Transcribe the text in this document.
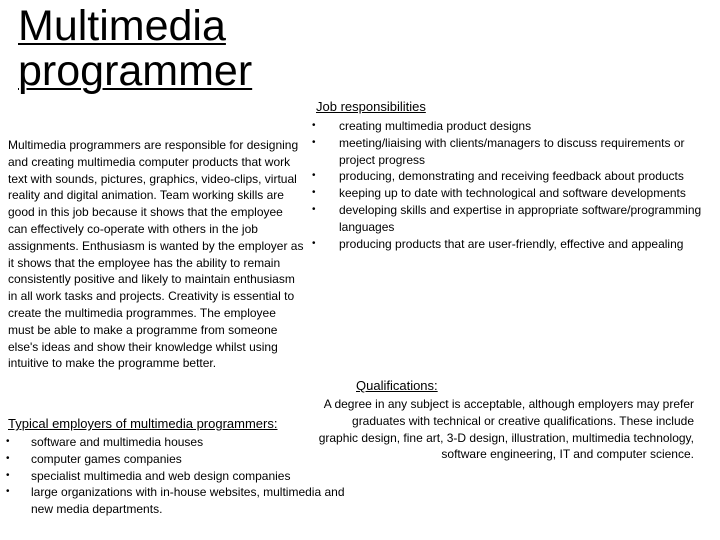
Multimedia
programmer
Multimedia programmers are responsible for designing and creating multimedia computer products that work text with sounds, pictures, graphics, video-clips, virtual reality and digital animation. Team working skills are good in this job because it shows that the employee can effectively co-operate with others in the job assignments. Enthusiasm is wanted by the employer as it shows that the employee has the ability to remain consistently positive and likely to maintain enthusiasm in all work tasks and projects. Creativity is essential to create the multimedia programmes. The employee must be able to make a programme from someone else's ideas and show their knowledge whilst using intuitive to make the programme better.
Job responsibilities
• creating multimedia product designs
• meeting/liaising with clients/managers to discuss requirements or project progress
• producing, demonstrating and receiving feedback about products
• keeping up to date with technological and software developments
• developing skills and expertise in appropriate software/programming languages
• producing products that are user-friendly, effective and appealing
Qualifications:
A degree in any subject is acceptable, although employers may prefer graduates with technical or creative qualifications. These include graphic design, fine art, 3-D design, illustration, multimedia technology, software engineering, IT and computer science.
Typical employers of multimedia programmers:
• software and multimedia houses
• computer games companies
• specialist multimedia and web design companies
• large organizations with in-house websites, multimedia and new media departments.
